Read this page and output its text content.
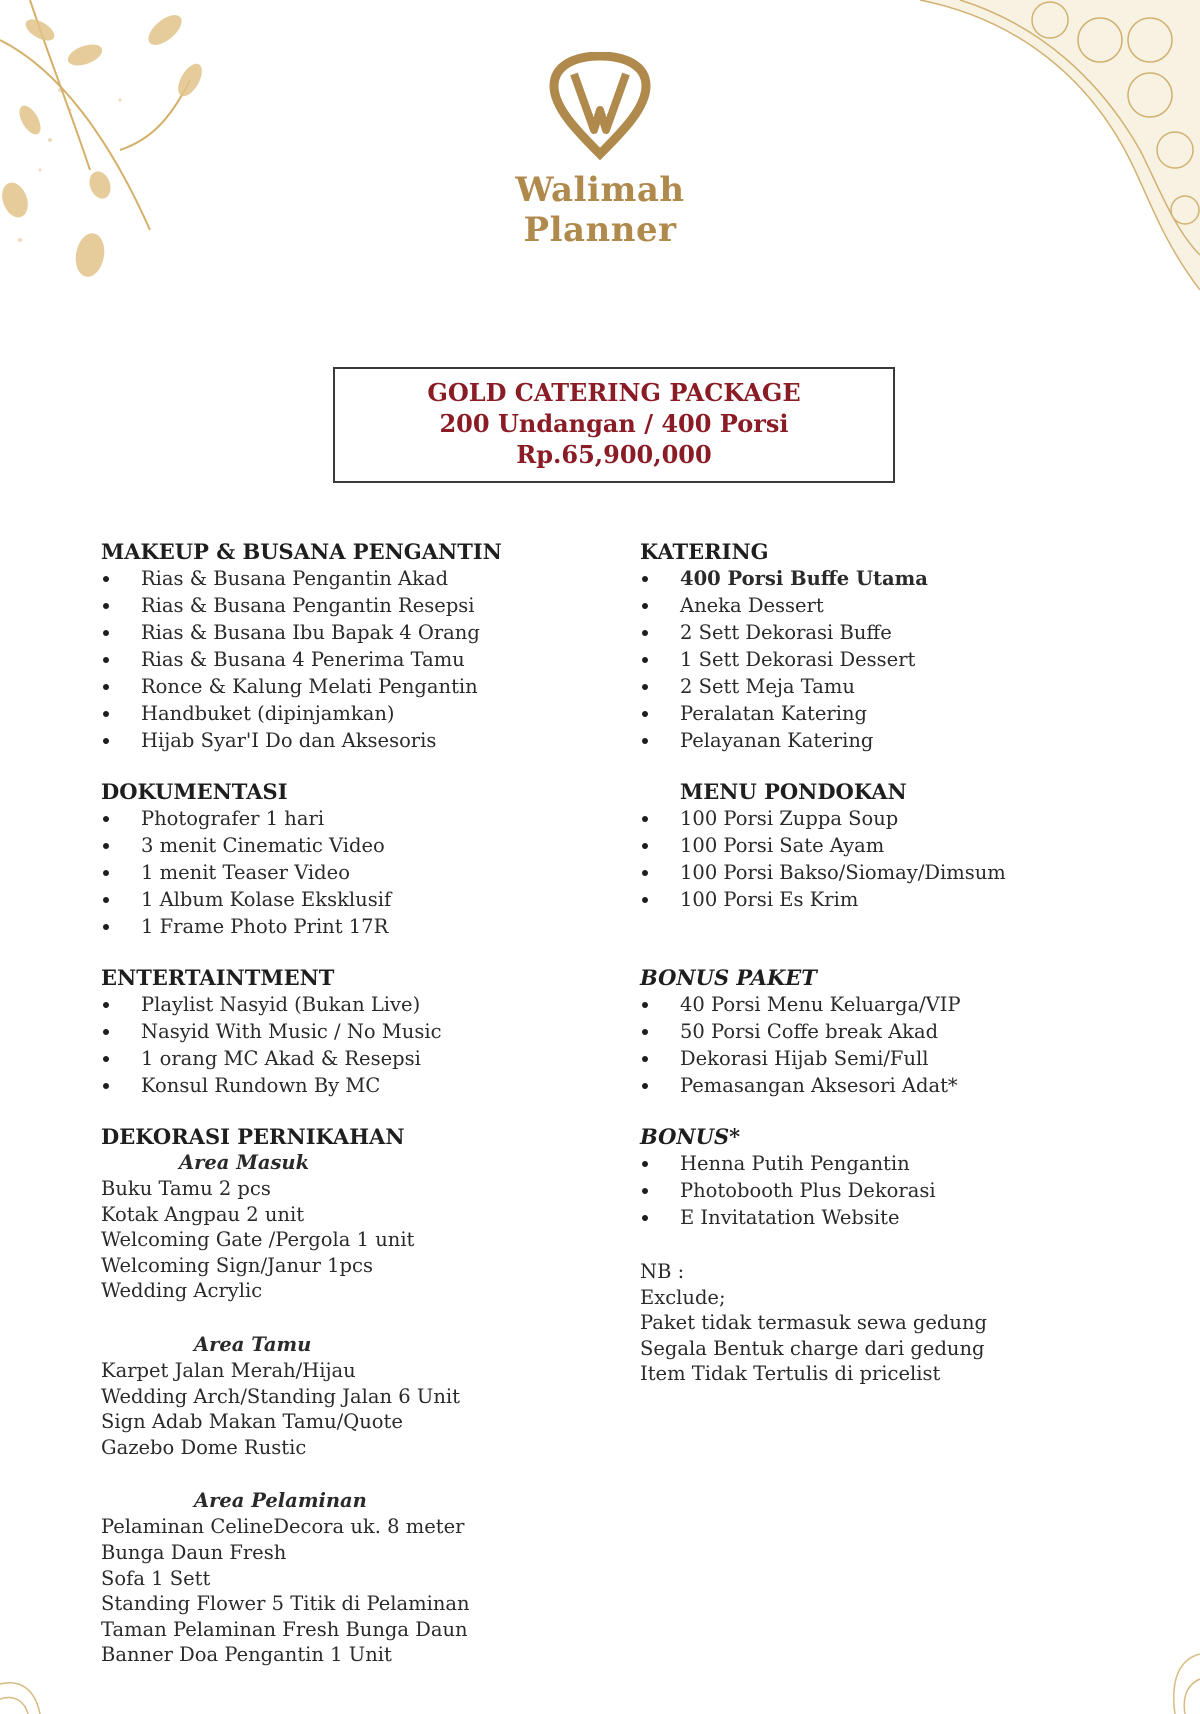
Walimah Planner
GOLD CATERING PACKAGE
200 Undangan / 400 Porsi
Rp.65,900,000
MAKEUP & BUSANA PENGANTIN
Rias & Busana Pengantin Akad
Rias & Busana Pengantin Resepsi
Rias & Busana Ibu Bapak 4 Orang
Rias & Busana 4 Penerima Tamu
Ronce & Kalung Melati Pengantin
Handbuket (dipinjamkan)
Hijab Syar'I Do dan Aksesoris
DOKUMENTASI
Photografer 1 hari
3 menit Cinematic Video
1 menit Teaser Video
1 Album Kolase Eksklusif
1 Frame Photo Print 17R
ENTERTAINTMENT
Playlist Nasyid (Bukan Live)
Nasyid With Music / No Music
1 orang MC Akad & Resepsi
Konsul Rundown By MC
DEKORASI PERNIKAHAN
Area Masuk
Buku Tamu 2 pcs
Kotak Angpau 2 unit
Welcoming Gate /Pergola 1 unit
Welcoming Sign/Janur 1pcs
Wedding Acrylic
Area Tamu
Karpet Jalan Merah/Hijau
Wedding Arch/Standing Jalan 6 Unit
Sign Adab Makan Tamu/Quote
Gazebo Dome Rustic
Area Pelaminan
Pelaminan CelineDecora uk. 8 meter
Bunga Daun Fresh
Sofa 1 Sett
Standing Flower 5 Titik di Pelaminan
Taman Pelaminan Fresh Bunga Daun
Banner Doa Pengantin 1 Unit
KATERING
400 Porsi Buffe Utama
Aneka Dessert
2 Sett Dekorasi Buffe
1 Sett Dekorasi Dessert
2 Sett Meja Tamu
Peralatan Katering
Pelayanan Katering
MENU PONDOKAN
100 Porsi Zuppa Soup
100 Porsi Sate Ayam
100 Porsi Bakso/Siomay/Dimsum
100 Porsi Es Krim
BONUS PAKET
40 Porsi Menu Keluarga/VIP
50 Porsi Coffe break Akad
Dekorasi Hijab Semi/Full
Pemasangan Aksesori Adat*
BONUS*
Henna Putih Pengantin
Photobooth Plus Dekorasi
E Invitatation Website
NB :
Exclude;
Paket tidak termasuk sewa gedung
Segala Bentuk charge dari gedung
Item Tidak Tertulis di pricelist
